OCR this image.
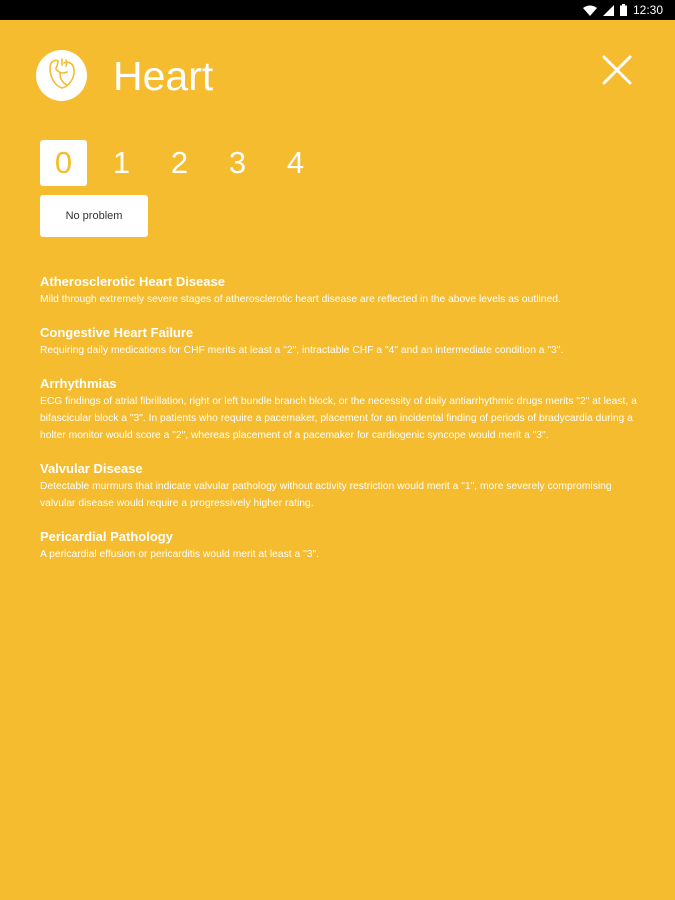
12:30
Heart
0	1	2	3	4
No problem
Atherosclerotic Heart Disease

Mild through extremely severe stages of atherosclerotic heart disease are reflected in the above levels as outlined.

Congestive Heart Failure

Requiring daily medications for CHF merits at least a "2", intractable CHF a "4" and an intermediate condition a "3".

Arrhythmias

ECG findings of atrial fibrillation, right or left bundle branch block, or the necessity of daily antiarrhythmic drugs merits "2" at least, a bifascicular block a "3". In patients who require a pacemaker, placement for an incidental finding of periods of bradycardia during a holter monitor would score a "2", whereas placement of a pacemaker for cardiogenic syncope would merit a "3".

Valvular Disease

Detectable murmurs that indicate valvular pathology without activity restriction would merit a "1", more severely compromising valvular disease would require a progressively higher rating.

Pericardial Pathology

A pericardial effusion or pericarditis would merit at least a "3".
